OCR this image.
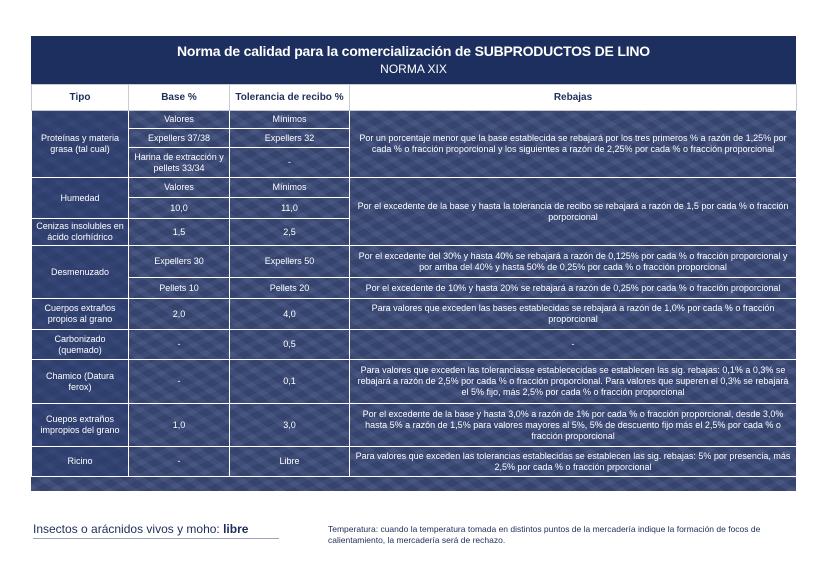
Norma de calidad para la comercialización de SUBPRODUCTOS DE LINO
NORMA XIX
Tipo	Base %	Tolerancia de recibo %	Rebajas
Proteínas y materia grasa (tal cual)	Valores	Mínimos	Por un porcentaje menor que la base establecida se rebajará por los tres primeros % a razón de 1,25% por cada % o fracción proporcional y los siguientes a razón de 2,25% por cada % o fracción proporcional
	Expellers 37/38	Expellers 32	
	Harina de extracción y pellets 33/34	-	
Humedad	Valores	Mínimos	Por el excedente de la base y hasta la tolerancia de recibo se rebajará a razón de 1,5 por cada % o fracción porporcional
	10,0	11,0	
Cenizas insolubles en ácido clorhídrico	1,5	2,5	
Desmenuzado	Expellers 30	Expellers 50	Por el excedente del 30% y hasta 40% se rebajará a razón de 0,125% por cada % o fracción proporcional y por arriba del 40% y hasta 50% de 0,25% por cada % o fracción proporcional
	Pellets 10	Pellets 20	Por el excedente de 10% y hasta 20% se rebajará a razón de 0,25% por cada % o fracción proporcional
Cuerpos extraños propios al grano	2,0	4,0	Para valores que exceden las bases establecidas se rebajará a razón de 1,0% por cada % o fracción proporcional
Carbonizado (quemado)	-	0,5	-
Chamico (Datura ferox)	-	0,1	Para valores que exceden las toleranciasse establececidas se establecen las sig. rebajas: 0,1% a 0,3% se rebajará a razón de 2,5% por cada % o fracción proporcional. Para valores que superen el 0,3% se rebajará el 5% fijo, más 2,5% por cada % o fracción proporcional
Cuepos extraños impropios del grano	1,0	3,0	Por el excedente de la base y hasta 3,0% a razón de 1% por cada % o fracción proporcional, desde 3,0% hasta 5% a razón de 1,5% para valores mayores al 5%, 5% de descuento fijo más el 2,5% por cada % o fracción proporcional
Ricino	-	Libre	Para valores que exceden las tolerancias establecidas se establecen las sig. rebajas: 5% por presencia, más 2,5% por cada % o fracción prporcional
Insectos o arácnidos vivos y moho: libre	Temperatura: cuando la temperatura tomada en distintos puntos de la mercadería indique la formación de focos de calientamiento, la mercadería será de rechazo.
